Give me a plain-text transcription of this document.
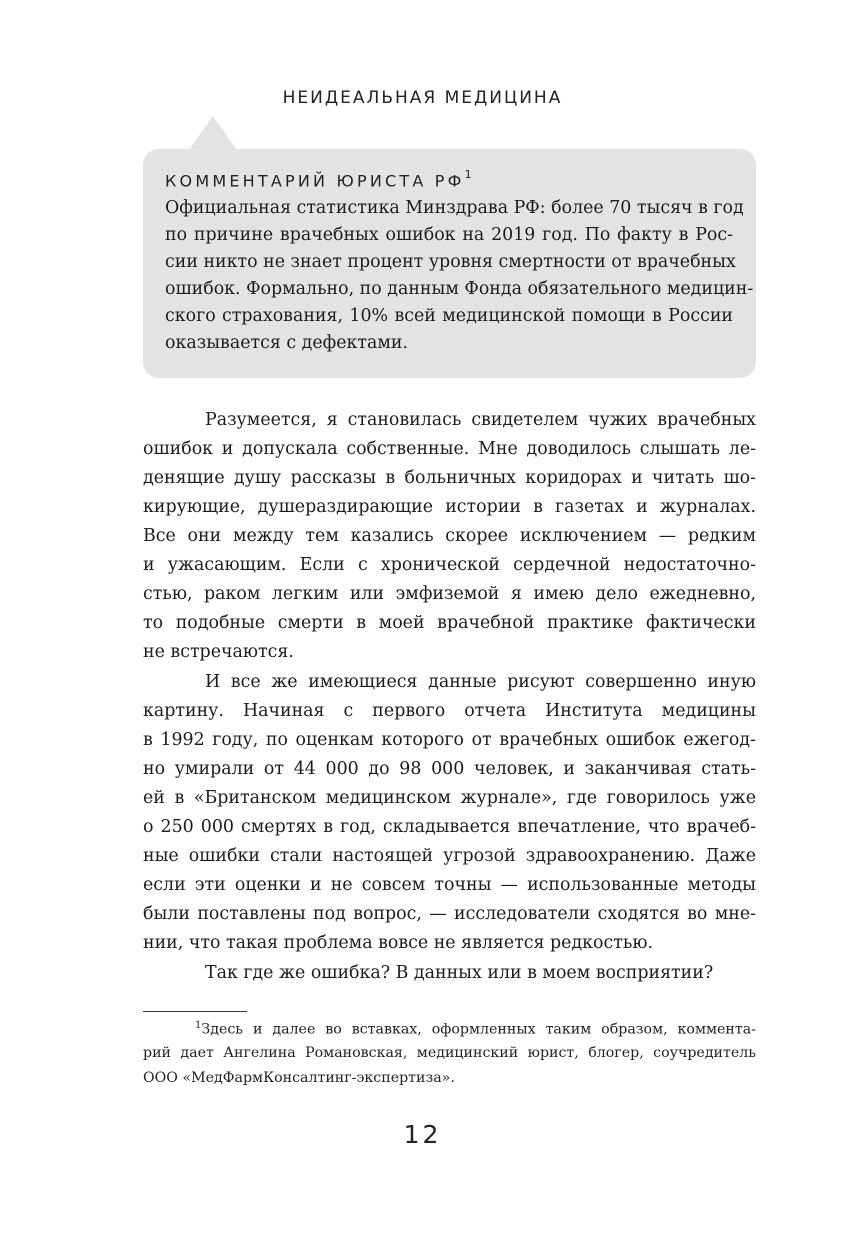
НЕИДЕАЛЬНАЯ МЕДИЦИНА
КОММЕНТАРИЙ ЮРИСТА $РФ^1$
Официальная статистика Минздрава РФ: более 70 тысяч в год
по причине врачебных ошибок на 2019 год. По факту в Рос-
сии никто не знает процент уровня смертности от врачебных
ошибок. Формально, по данным Фонда обязательного медицин-
ского страхования, 10% всей медицинской помощи в России
оказывается с дефектами.
Разумеется, я становилась свидетелем чужих врачебных
ошибок и допускала собственные. Мне доводилось слышать ле-
денящие душу рассказы в больничных коридорах и читать шо-
кирующие, душераздирающие истории в газетах и журналах.
Все они между тем казались скорее исключением — редким
и ужасающим. Если с хронической сердечной недостаточно-
стью, раком легким или эмфиземой я имею дело ежедневно,
то подобные смерти в моей врачебной практике фактически
не встречаются.
И все же имеющиеся данные рисуют совершенно иную
картину. Начиная с первого отчета Института медицины
в 1992 году, по оценкам которого от врачебных ошибок ежегод-
но умирали от 44 000 до 98 000 человек, и заканчивая стать-
ей в «Британском медицинском журнале», где говорилось уже
о 250 000 смертях в год, складывается впечатление, что врачеб-
ные ошибки стали настоящей угрозой здравоохранению. Даже
если эти оценки и не совсем точны — использованные методы
были поставлены под вопрос, — исследователи сходятся во мне-
нии, что такая проблема вовсе не является редкостью.
Так где же ошибка? В данных или в моем восприятии?
$^1$Здесь и далее во вставках, оформленных таким образом, коммента-
рий дает Ангелина Романовская, медицинский юрист, блогер, соучредитель
ООО «МедФармКонсалтинг-экспертиза».
12
